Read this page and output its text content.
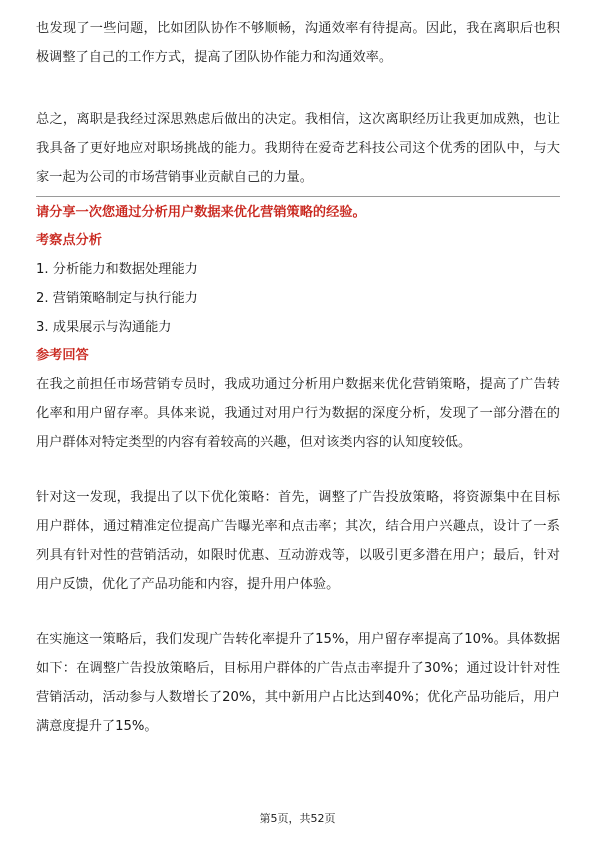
也发现了一些问题，比如团队协作不够顺畅，沟通效率有待提高。因此，我在离职后也积极调整了自己的工作方式，提高了团队协作能力和沟通效率。

总之，离职是我经过深思熟虑后做出的决定。我相信，这次离职经历让我更加成熟，也让我具备了更好地应对职场挑战的能力。我期待在爱奇艺科技公司这个优秀的团队中，与大家一起为公司的市场营销事业贡献自己的力量。

请分享一次您通过分析用户数据来优化营销策略的经验。

考察点分析

1. 分析能力和数据处理能力

2. 营销策略制定与执行能力

3. 成果展示与沟通能力

参考回答

在我之前担任市场营销专员时，我成功通过分析用户数据来优化营销策略，提高了广告转化率和用户留存率。具体来说，我通过对用户行为数据的深度分析，发现了一部分潜在的用户群体对特定类型的内容有着较高的兴趣，但对该类内容的认知度较低。

针对这一发现，我提出了以下优化策略：首先，调整了广告投放策略，将资源集中在目标用户群体，通过精准定位提高广告曝光率和点击率；其次，结合用户兴趣点，设计了一系列具有针对性的营销活动，如限时优惠、互动游戏等，以吸引更多潜在用户；最后，针对用户反馈，优化了产品功能和内容，提升用户体验。

在实施这一策略后，我们发现广告转化率提升了15%，用户留存率提高了10%。具体数据如下：在调整广告投放策略后，目标用户群体的广告点击率提升了30%；通过设计针对性营销活动，活动参与人数增长了20%，其中新用户占比达到40%；优化产品功能后，用户满意度提升了15%。

第5页，共52页
